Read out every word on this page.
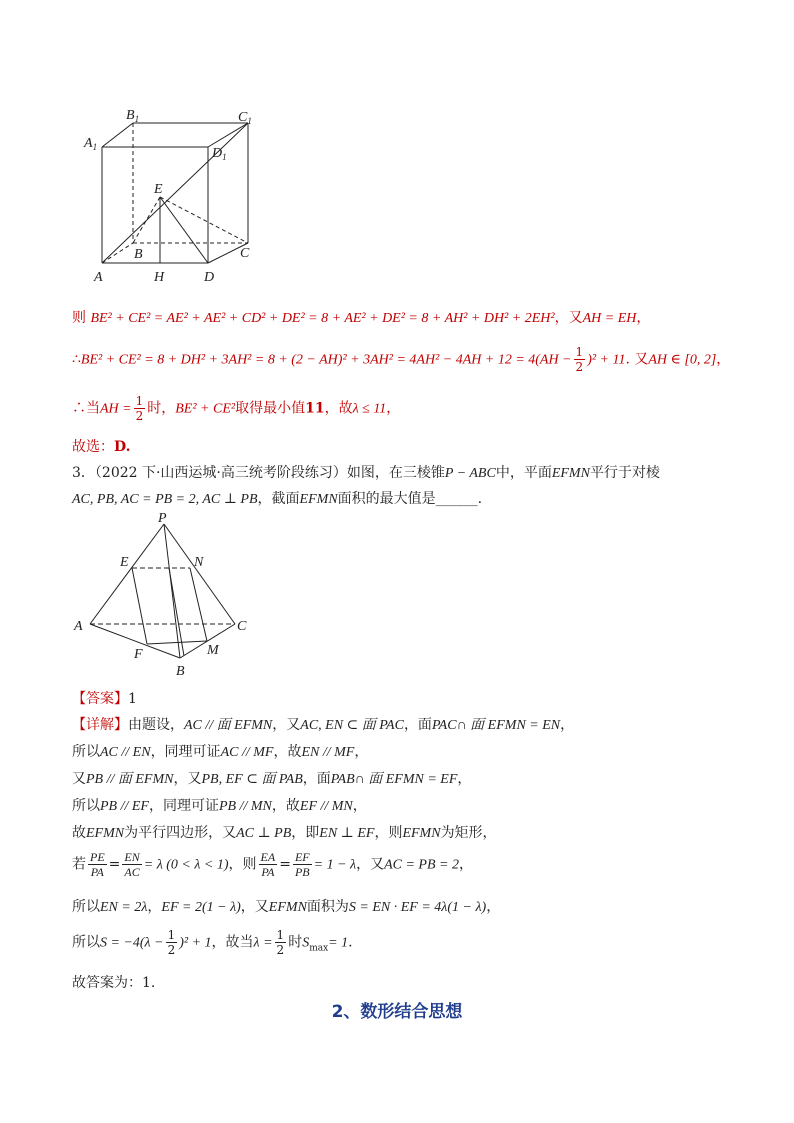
$A_1$
$B_1$	$C_1$
$D_1$
E
B	C
A	H	D
则 BE² + CE² = AE² + AE² + CD² + DE² = 8 + AE² + DE² = 8 + AH² + DH² + 2EH²，又AH = EH，
∴BE² + $CE^2 = 8 + DH^2 + 3AH^2 = 8 + (2 - AH)^2 + 3AH^2 = 4AH^2 - 4AH + 12 = 4(AH - \frac{1}{2} )^2 + 11$. 又AH ∈ [0, 2]，
∴当AH = $\frac{1}{2}$ 时，BE² + CE²取得最小值11，故λ ≤ 11，
故选：D.
3．（2022 下·山西运城·高三统考阶段练习）如图，在三棱锥P − ABC中，平面EFMN平行于对棱
AC, PB, AC = PB = 2, AC ⊥ PB，截面EFMN面积的最大值是______.
P
E	N
A	C
F	M
B
【答案】1
【详解】由题设，AC // 面 EFMN，又AC, EN ⊂ 面 PAC，面PAC∩ 面 EFMN = EN，
所以AC // EN，同理可证AC // MF，故EN // MF，
又PB // 面 EFMN，又PB, EF ⊂ 面 PAB，面PAB∩ 面 EFMN = EF，
所以PB // EF，同理可证PB // MN，故EF // MN，
故EFMN为平行四边形，又AC ⊥ PB，即EN ⊥ EF，则EFMN为矩形，
若 $\frac{PE}{PA} = \frac{EN}{AC} = \lambda$ (0 < λ < 1)，则 $\frac{EA}{PA} = \frac{EF}{PB} = 1 - \lambda$，又AC = PB = 2，
所以EN = 2λ，EF = 2(1 − λ)，又EFMN面积为S = EN · EF = 4λ(1 − λ)，
所以$S = -4(\lambda - \frac{1}{2} )^2 + 1$，故当$\lambda = \frac{1}{2}$ 时$S_{max}= 1$.
故答案为：1.
2、数形结合思想
